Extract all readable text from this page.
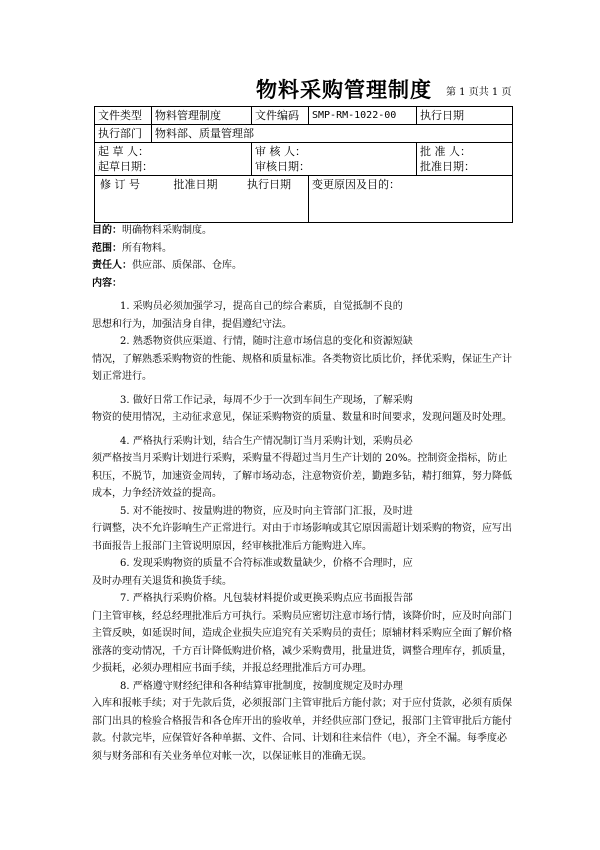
物料采购管理制度 第 1 页共 1 页
文件类型	物料管理制度	文件编码	SMP-RM-1022-00	执行日期
执行部门	物料部、质量管理部			

起 草 人：
起草日期：		审 核 人：
审核日期：		批 准 人：
批准日期：

修 订 号 批准日期 执行日期			变更原因及目的：	

目的：明确物料采购制度。

范围：所有物料。

责任人：供应部、质保部、仓库。

内容：

1. 采购员必须加强学习，提高自己的综合素质，自觉抵制不良的

思想和行为，加强洁身自律，提倡遵纪守法。

2. 熟悉物资供应渠道、行情，随时注意市场信息的变化和资源短缺

情况，了解熟悉采购物资的性能、规格和质量标准。各类物资比质比价，择优采购，保证生产计划正常进行。

3. 做好日常工作记录，每周不少于一次到车间生产现场，了解采购

物资的使用情况，主动征求意见，保证采购物资的质量、数量和时间要求，发现问题及时处理。

4. 严格执行采购计划，结合生产情况制订当月采购计划，采购员必

须严格按当月采购计划进行采购，采购量不得超过当月生产计划的 20%。控制资金指标，防止积压，不脱节，加速资金周转，了解市场动态，注意物资价差，勤跑多钻，精打细算，努力降低成本，力争经济效益的提高。

5. 对不能按时、按量购进的物资，应及时向主管部门汇报，及时进

行调整，决不允许影响生产正常进行。对由于市场影响或其它原因需超计划采购的物资，应写出书面报告上报部门主管说明原因，经审核批准后方能购进入库。

6. 发现采购物资的质量不合符标准或数量缺少，价格不合理时，应

及时办理有关退货和换货手续。

7. 严格执行采购价格。凡包装材料提价或更换采购点应书面报告部

门主管审核，经总经理批准后方可执行。采购员应密切注意市场行情，该降价时，应及时向部门主管反映，如延误时间，造成企业损失应追究有关采购员的责任；原辅材料采购应全面了解价格涨落的变动情况，千方百计降低购进价格，减少采购费用，批量进货，调整合理库存，抓质量，少损耗，必须办理相应书面手续，并报总经理批准后方可办理。

8. 严格遵守财经纪律和各种结算审批制度，按制度规定及时办理

入库和报帐手续；对于先款后货，必须报部门主管审批后方能付款；对于应付货款，必须有质保部门出具的检验合格报告和各仓库开出的验收单，并经供应部门登记，报部门主管审批后方能付款。付款完毕，应保管好各种单据、文件、合同、计划和往来信件（电），齐全不漏。每季度必须与财务部和有关业务单位对帐一次，以保证帐目的准确无误。
